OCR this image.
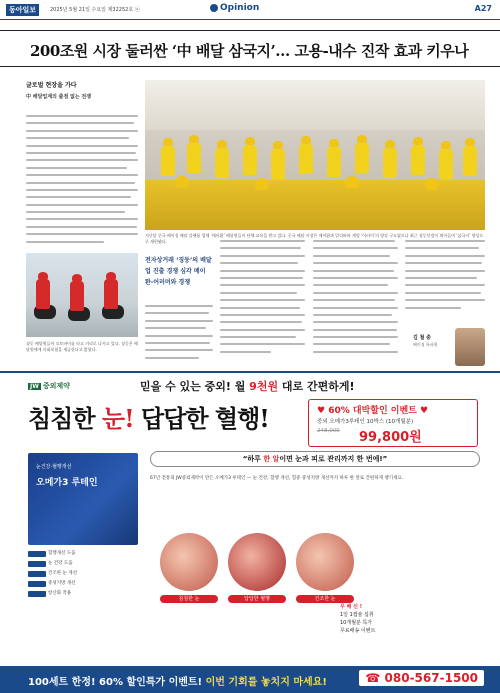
동아일보	2025년 5월 21일 수요일 제32252호 ⓐ	Opinion	A27
200조원 시장 둘러싼 ‘中 배달 삼국지’… 고용-내수 진작 효과 키우나
글로벌 현장을 가다
中 배달업계의 출점 없는 전쟁
지난달 중국 베이징 배달 플랫폼 업체 ‘메이퇀’ 배달원들이 단체 교육을 받고 있다. 중국 배달 시장은 메이퇀과 알리바바 계열 ‘어러머’의 양강 구도였으나 최근 징둥닷컴이 뛰어들며 ‘삼국지’ 양상으로 재편됐다.
징둥 배달원들이 오토바이를 타고 거리로 나서고 있다. 징둥은 배달원에게 사회보험을 제공한다고 밝혔다.
전자상거래 ‘징둥’의 배달업 진출 경쟁 심각 메이퇀-어러머와 경쟁
김 철 중
베이징 특파원
JW 중외제약	믿을 수 있는 중외! 월 9천원 대로 간편하게!
침침한 눈! 답답한 혈행!	♥ 60% 대박할인 이벤트 ♥
중외 오메가3루테인 10박스 (10개월분)
248,000 99,800원
눈건강·혈행개선
오메가3 루테인
혈행개선 도움
눈 건강 도움
건조한 눈 개선
중성지방 개선
항산화 작용
“하루 한 알이면 눈과 피로 관리까지 한 번에!”
67년 전통의 JW중외제약이 만든 오메가3 루테인 — 눈 건강, 혈행 개선, 혈중 중성지방 개선까지 하루 한 알로 간편하게 챙기세요.
침침한 눈	답답한 혈행	건조한 눈
무 배 신 !
1일 1캡슐 섭취
10개월분 특가
무료배송 이벤트
100세트 한정! 60% 할인특가 이벤트! 이번 기회를 놓치지 마세요!	☎ 080-567-1500
